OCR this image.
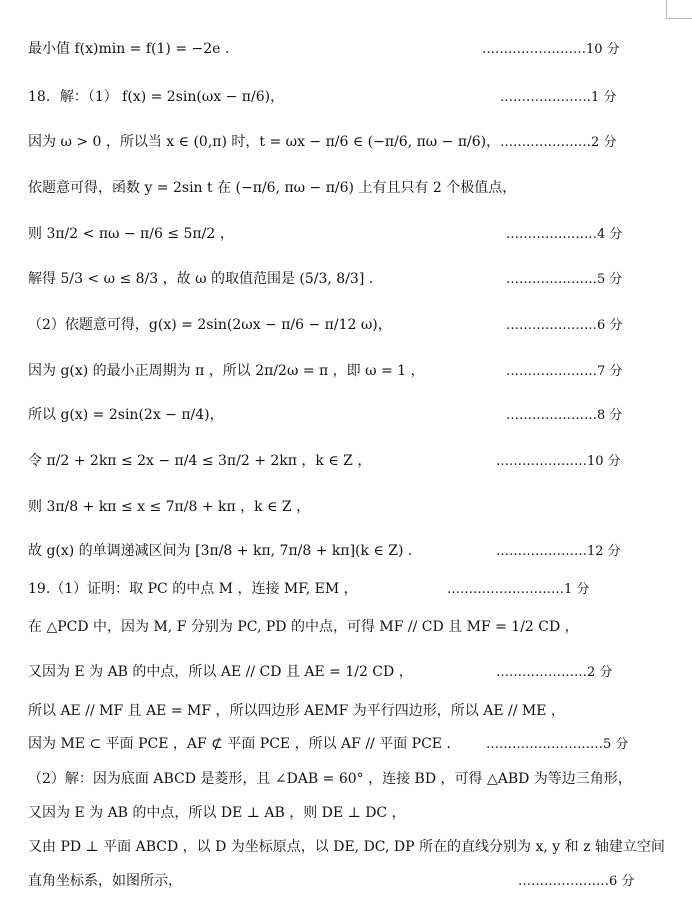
最小值 f(x)min = f(1) = −2e .	……………………10 分
18．解：（1） f(x) = 2sin(ωx − π/6)，	…………………1 分
因为 ω > 0 ，所以当 x ∈ (0,π) 时，t = ωx − π/6 ∈ (−π/6, πω − π/6)， …………………2 分
依题意可得，函数 y = 2sin t 在 (−π/6, πω − π/6) 上有且只有 2 个极值点，
则 3π/2 < πω − π/6 ≤ 5π/2 ，	…………………4 分
解得 5/3 < ω ≤ 8/3 ，故 ω 的取值范围是 (5/3, 8/3] .	…………………5 分
（2）依题意可得，g(x) = 2sin(2ωx − π/6 − π/12 ω)，	…………………6 分
因为 g(x) 的最小正周期为 π ，所以 2π/2ω = π ，即 ω = 1 ，	…………………7 分
所以 g(x) = 2sin(2x − π/4)，	…………………8 分
令 π/2 + 2kπ ≤ 2x − π/4 ≤ 3π/2 + 2kπ ，k ∈ Z ，	…………………10 分
则 3π/8 + kπ ≤ x ≤ 7π/8 + kπ ，k ∈ Z ，
故 g(x) 的单调递减区间为 [3π/8 + kπ, 7π/8 + kπ](k ∈ Z) .	…………………12 分
19.（1）证明：取 PC 的中点 M ，连接 MF, EM ，	………………………1 分
在 △PCD 中，因为 M, F 分别为 PC, PD 的中点，可得 MF // CD 且 MF = 1/2 CD ，
又因为 E 为 AB 的中点，所以 AE // CD 且 AE = 1/2 CD ，	…………………2 分
所以 AE // MF 且 AE = MF ，所以四边形 AEMF 为平行四边形，所以 AE // ME ，
因为 ME ⊂ 平面 PCE ，AF ⊄ 平面 PCE ，所以 AF // 平面 PCE .	………………………5 分
（2）解：因为底面 ABCD 是菱形，且 ∠DAB = 60° ，连接 BD ，可得 △ABD 为等边三角形，
又因为 E 为 AB 的中点，所以 DE ⊥ AB ，则 DE ⊥ DC ，
又由 PD ⊥ 平面 ABCD ，以 D 为坐标原点，以 DE, DC, DP 所在的直线分别为 x, y 和 z 轴建立空间
直角坐标系，如图所示，	…………………6 分
